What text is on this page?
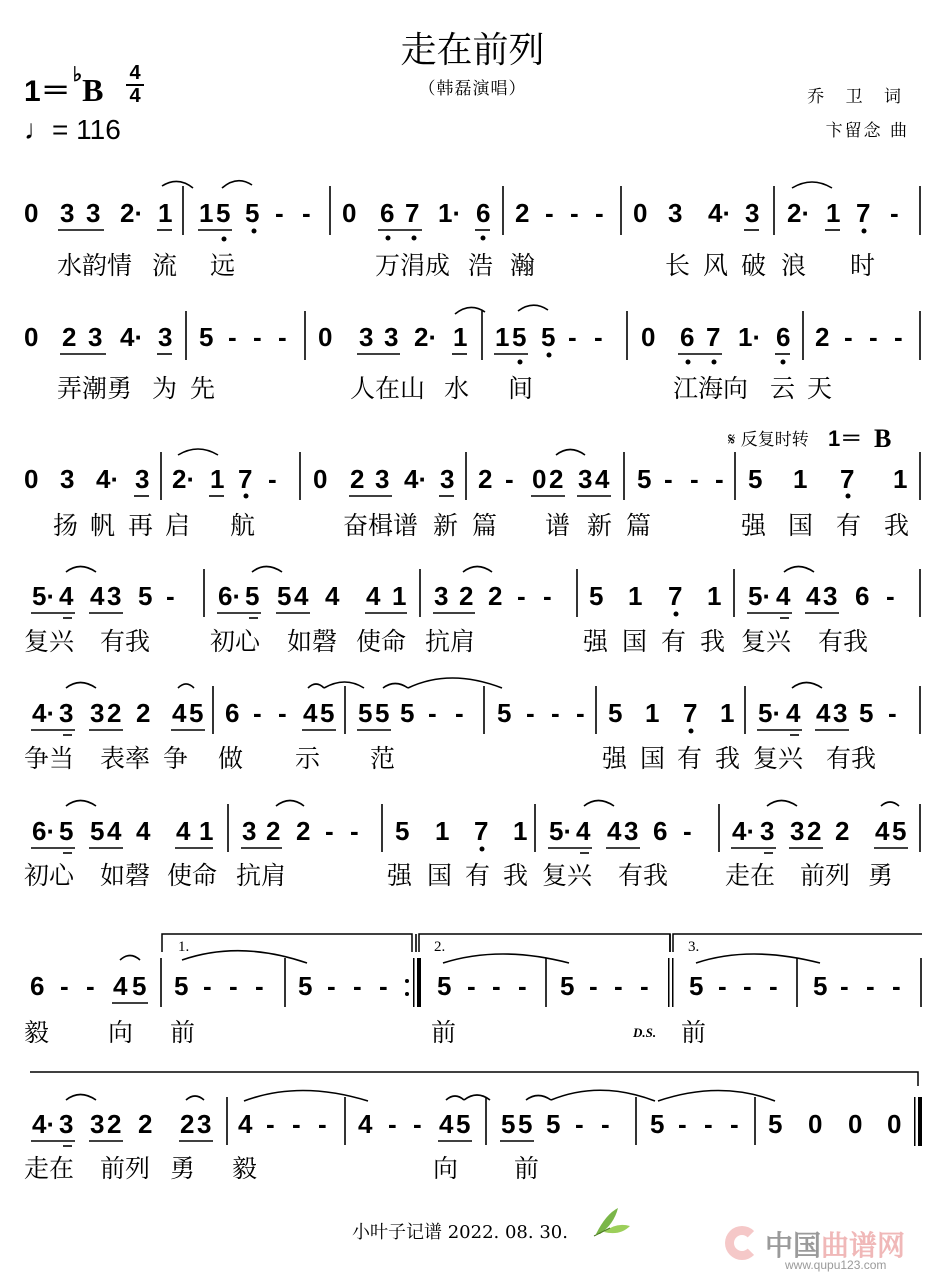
走在前列
（韩磊演唱）
1＝ ♭B 4
4
♩= 116
乔 卫 词
卞留念 曲
0 3 3 2· 1 1 5 5 - - 0 6 7 1· 6 2 - - - 0 3 4· 3 2· 1 7 -
水韵情 流 远	万涓成 浩 瀚	长 风 破 浪 时
0 2 3 4· 3 5 - - - 0 3 3 2· 1 1 5 5 - - 0 6 7 1· 6 2 - - -
弄潮勇 为 先	人在山 水 间	江海向 云 天
0 3 4· 3 2· 1 7 - 0 2 3 4· 3 2 - 0 2 3 4 5 - - - 5 1 7 1
扬 帆 再 启 航	奋楫谱 新 篇 谱 新 篇	强 国 有 我
𝄋 反复时转 1＝ B
5· 4 4 3 5 - 6· 5 5 4 4 4 1 3 2 2 - - 5 1 7 1 5· 4 4 3 6 -
复兴 有我 初心 如磬 使命 抗肩	强 国 有 我 复兴 有我
4· 3 3 2 2 4 5 6 - - 4 5 5 5 5 - - 5 - - - 5 1 7 1 5· 4 4 3 5 -
争当 表率 争 做 示 范	强 国 有 我 复兴 有我
6· 5 5 4 4 4 1 3 2 2 - - 5 1 7 1 5· 4 4 3 6 - 4· 3 3 2 2 4 5
初心 如磬 使命 抗肩	强 国 有 我 复兴 有我 走在 前列 勇
1.	2.	3.
6 - - 4 5 5 - - - 5 - - - 5 - - - 5 - - - 5 - - - 5 - - -
毅 向 前	前	D.S. 前
4· 3 3 2 2 2 3 4 - - - 4 - - 4 5 5 5 5 - - 5 - - - 5 0 0 0
走在 前列 勇 毅	向 前
小叶子记谱 2022. 08. 30.	中国曲谱网
www.qupu123.com
